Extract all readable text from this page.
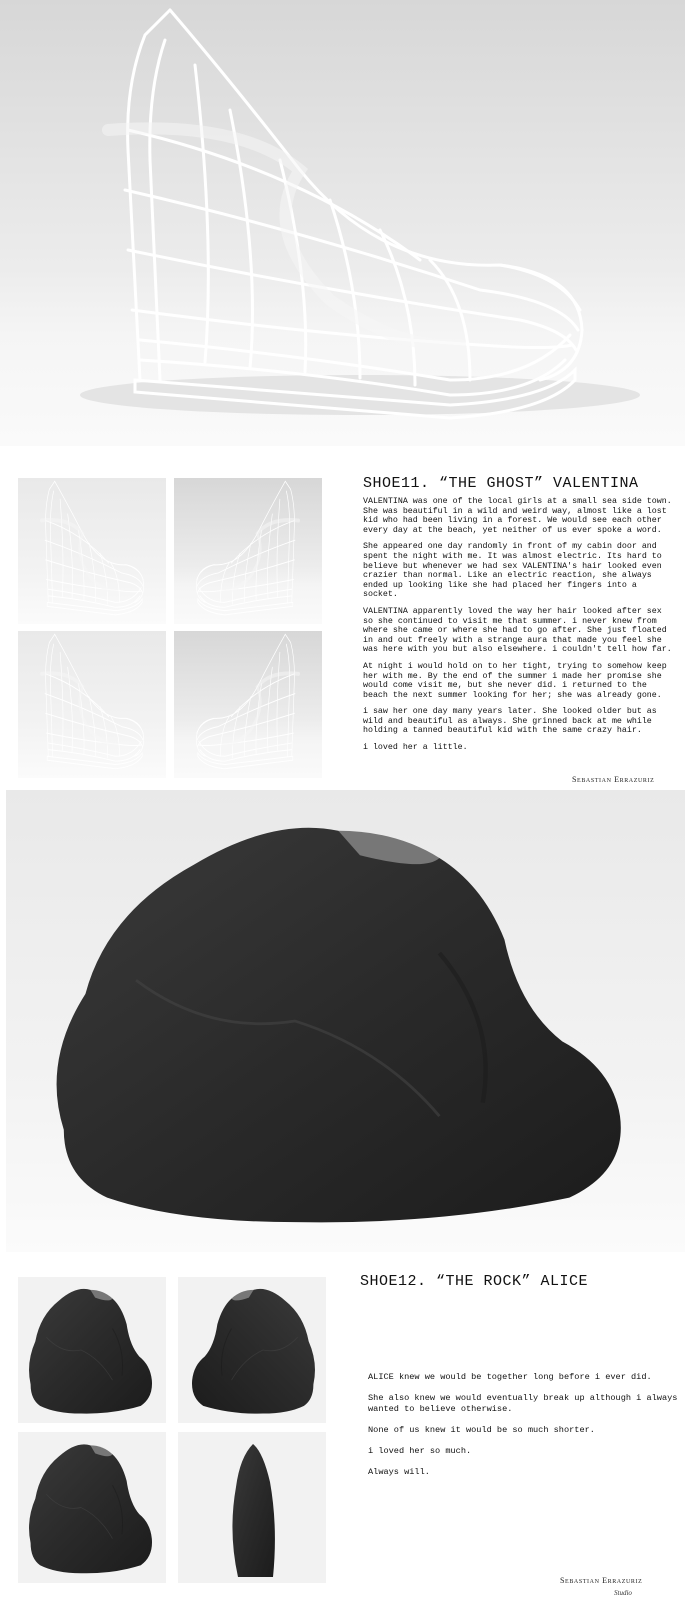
SHOE11. “THE GHOST” VALENTINA

VALENTINA was one of the local girls at a small sea side town. She was beautiful in a wild and weird way, almost like a lost kid who had been living in a forest. We would see each other every day at the beach, yet neither of us ever spoke a word.

She appeared one day randomly in front of my cabin door and spent the night with me. It was almost electric. Its hard to believe but whenever we had sex VALENTINA's hair looked even crazier than normal. Like an electric reaction, she always ended up looking like she had placed her fingers into a socket.

VALENTINA apparently loved the way her hair looked after sex so she continued to visit me that summer. i never knew from where she came or where she had to go after. She just floated in and out freely with a strange aura that made you feel she was here with you but also elsewhere. i couldn't tell how far.

At night i would hold on to her tight, trying to somehow keep her with me. By the end of the summer i made her promise she would come visit me, but she never did. i returned to the beach the next summer looking for her; she was already gone.

i saw her one day many years later. She looked older but as wild and beautiful as always. She grinned back at me while holding a tanned beautiful kid with the same crazy hair.

i loved her a little.

Sebastian Errazuriz
SHOE12. “THE ROCK” ALICE

ALICE knew we would be together long before i ever did.

She also knew we would eventually break up although i always wanted to believe otherwise.

None of us knew it would be so much shorter.

i loved her so much.

Always will.

Sebastian Errazuriz
Studio
